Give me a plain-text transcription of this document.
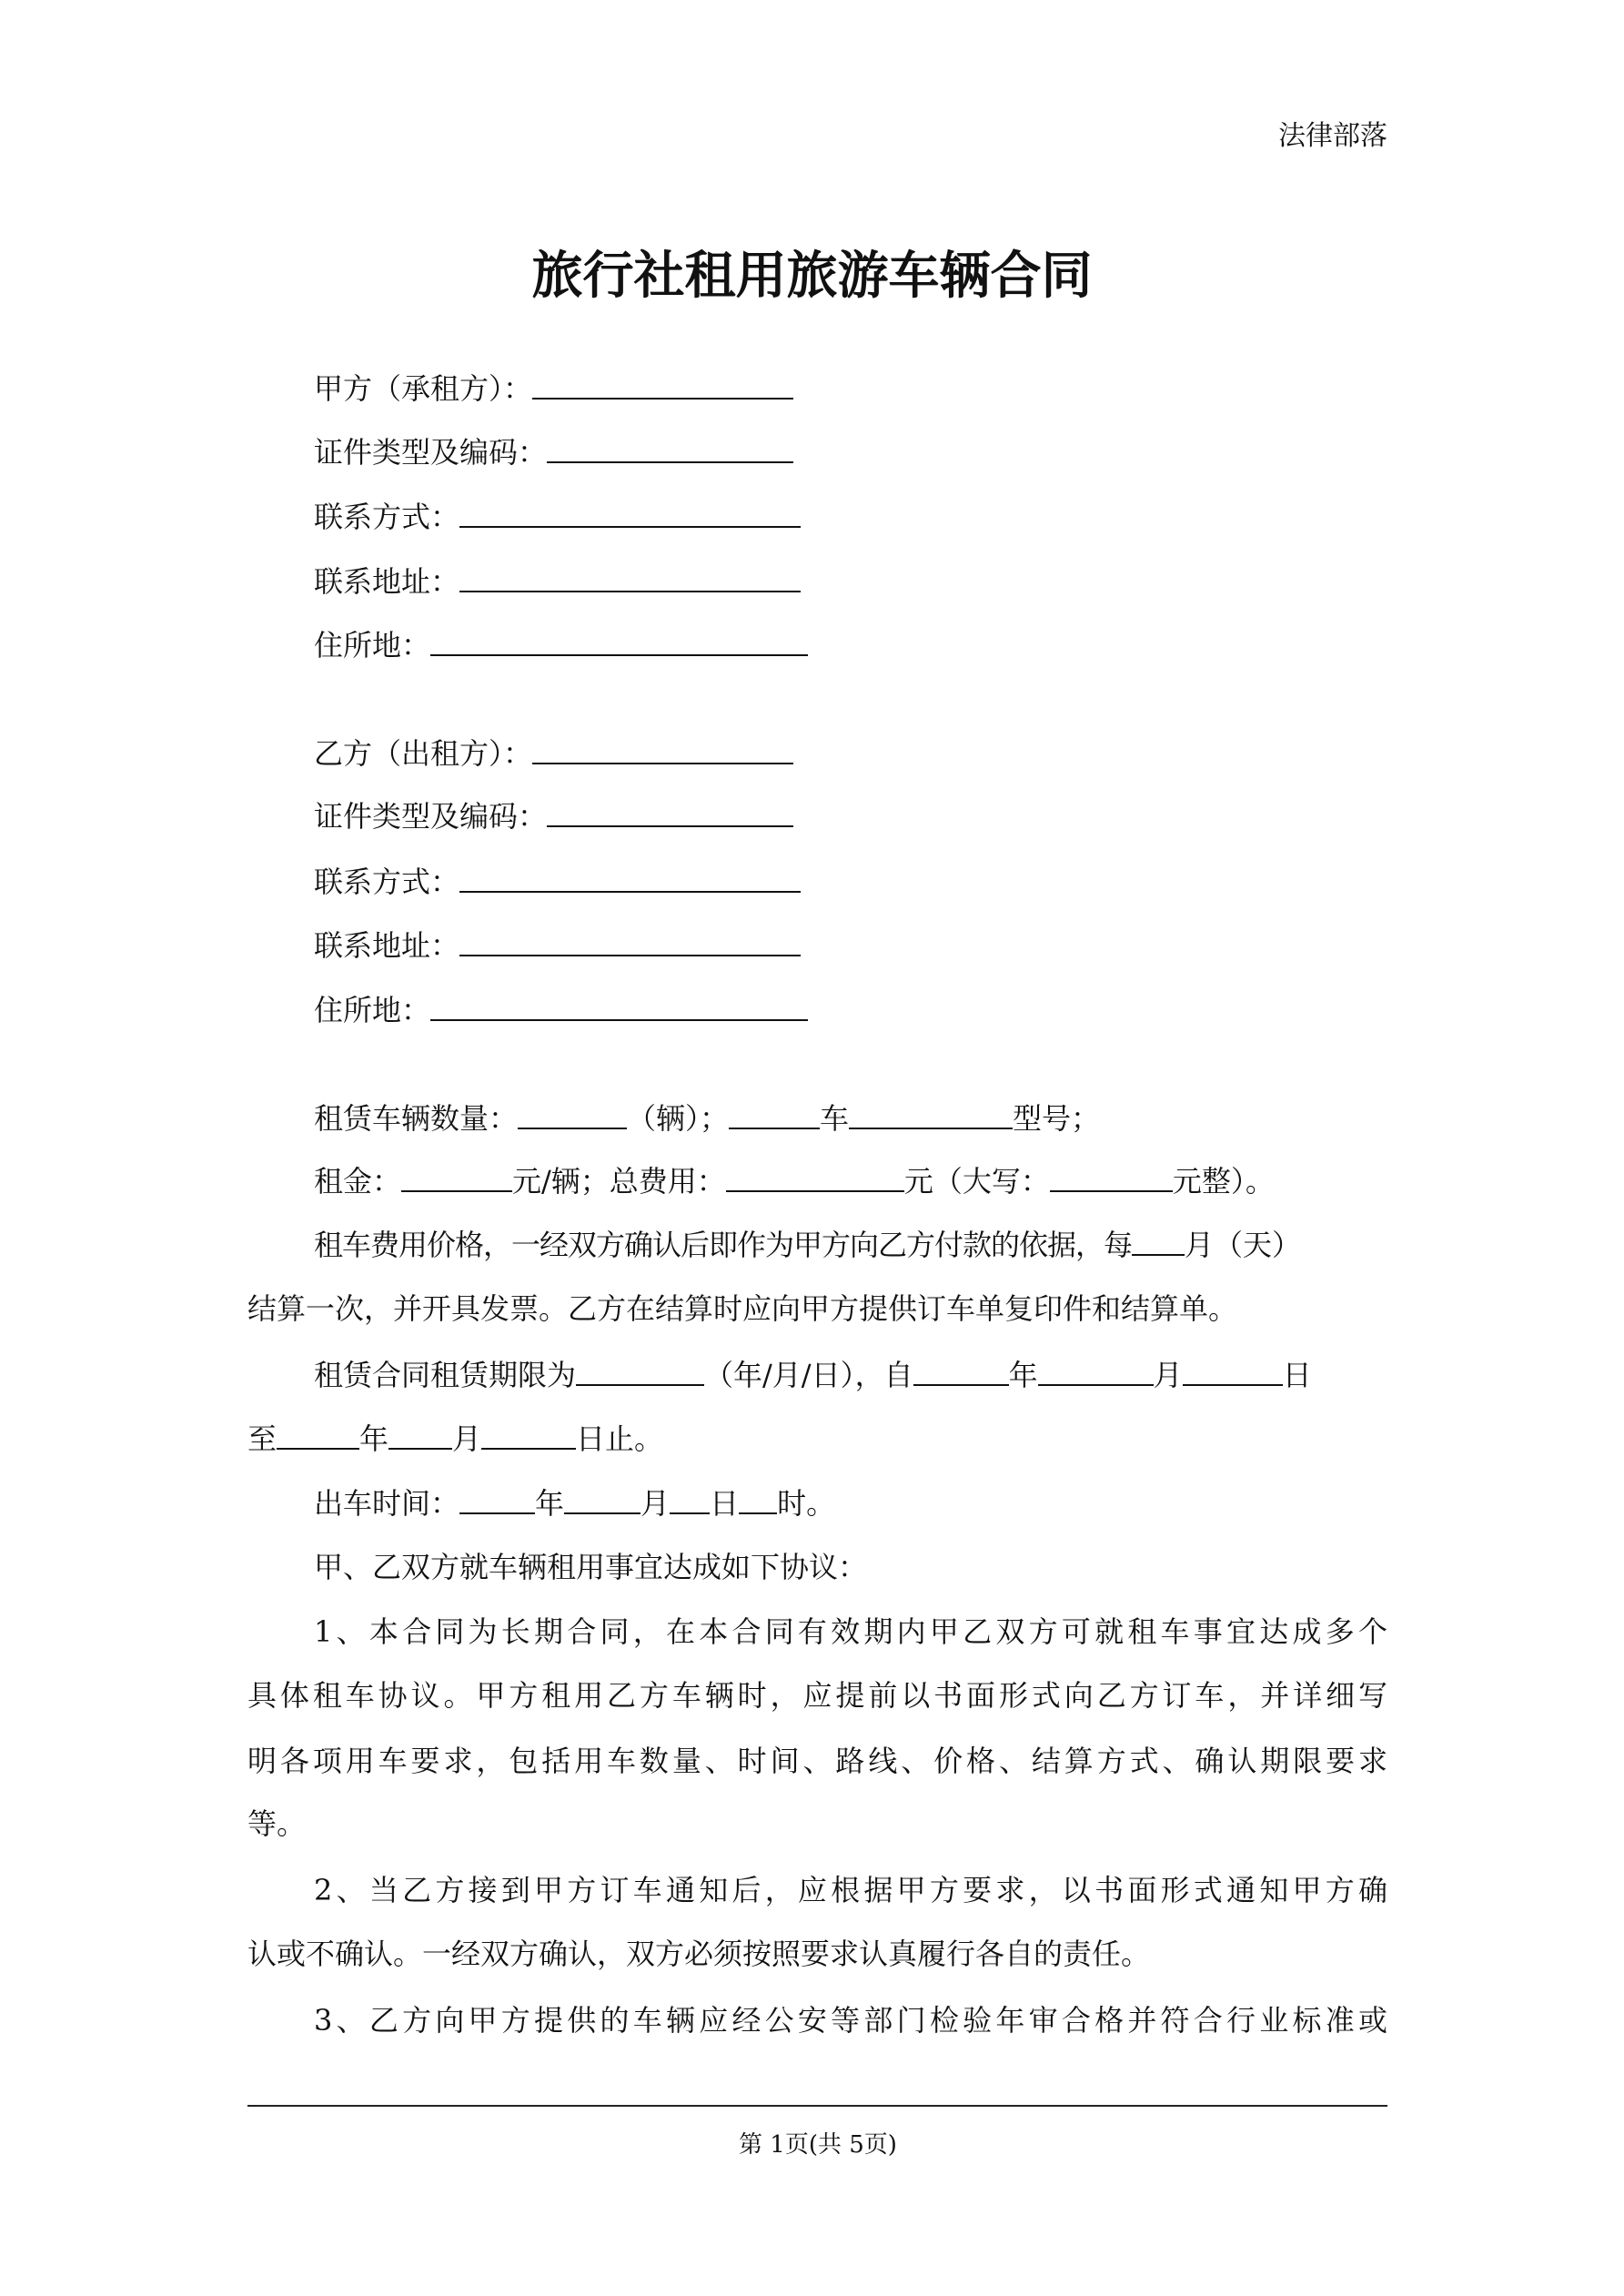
法律部落
旅行社租用旅游车辆合同
甲方（承租方）：
证件类型及编码：
联系方式：
联系地址：
住所地：
乙方（出租方）：
证件类型及编码：
联系方式：
联系地址：
住所地：
租赁车辆数量：	（辆）；	车	型号；
租金：	元/辆；总费用：	元（大写：	元整）。
租车费用价格，一经双方确认后即作为甲方向乙方付款的依据，每 月（天）
结算一次，并开具发票。乙方在结算时应向甲方提供订车单复印件和结算单。
租赁合同租赁期限为	（年/月/日），自	年	月	日
至	年 月	日止。
出车时间：	年	月 日 时。
甲、乙双方就车辆租用事宜达成如下协议：
1、本合同为长期合同，在本合同有效期内甲乙双方可就租车事宜达成多个
具体租车协议。甲方租用乙方车辆时，应提前以书面形式向乙方订车，并详细写
明各项用车要求，包括用车数量、时间、路线、价格、结算方式、确认期限要求
等。
2、当乙方接到甲方订车通知后，应根据甲方要求，以书面形式通知甲方确
认或不确认。一经双方确认，双方必须按照要求认真履行各自的责任。
3、乙方向甲方提供的车辆应经公安等部门检验年审合格并符合行业标准或
第 1页(共 5页)
